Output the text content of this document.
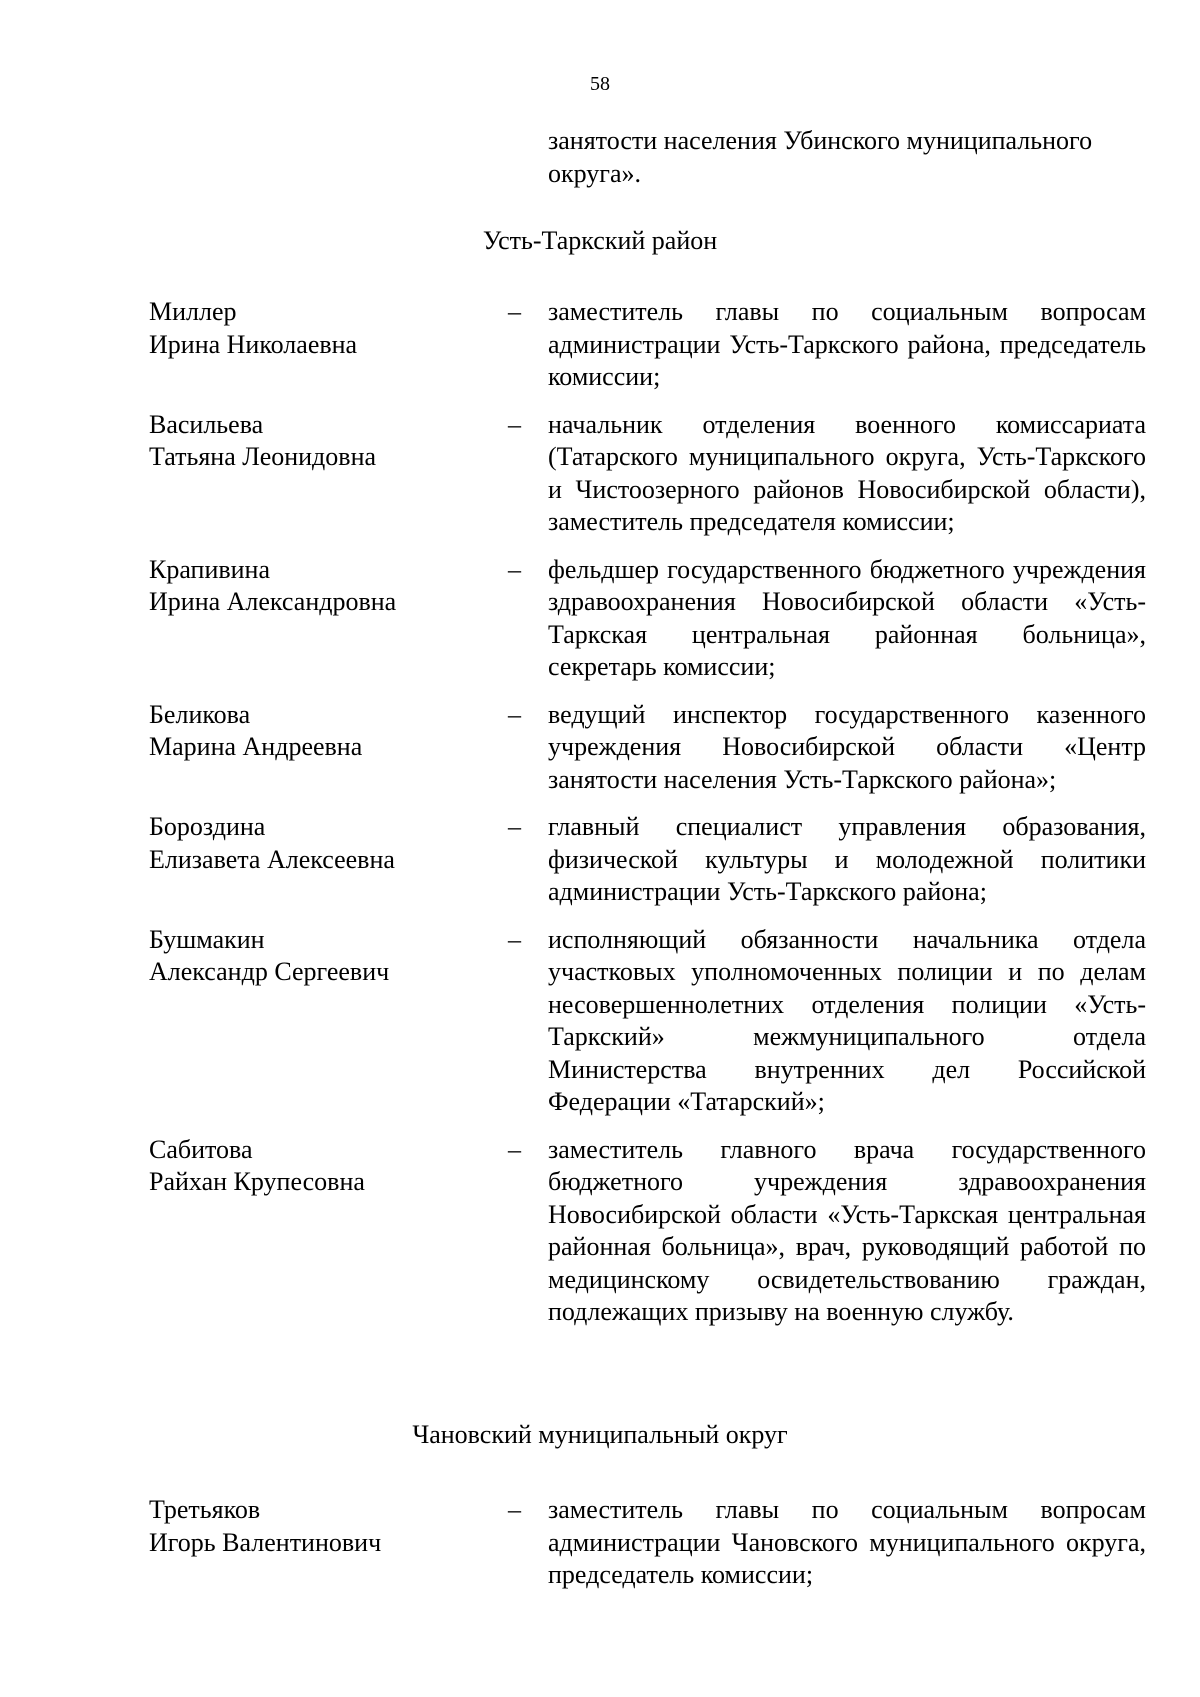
58
занятости населения Убинского муниципального округа».
Усть-Таркский район
Миллер
Ирина Николаевна
– заместитель главы по социальным вопросам администрации Усть-Таркского района, председатель комиссии;
Васильева
Татьяна Леонидовна
– начальник отделения военного комиссариата (Татарского муниципального округа, Усть-Таркского и Чистоозерного районов Новосибирской области), заместитель председателя комиссии;
Крапивина
Ирина Александровна
– фельдшер государственного бюджетного учреждения здравоохранения Новосибирской области «Усть-Таркская центральная районная больница», секретарь комиссии;
Беликова
Марина Андреевна
– ведущий инспектор государственного казенного учреждения Новосибирской области «Центр занятости населения Усть-Таркского района»;
Бороздина
Елизавета Алексеевна
– главный специалист управления образования, физической культуры и молодежной политики администрации Усть-Таркского района;
Бушмакин
Александр Сергеевич
– исполняющий обязанности начальника отдела участковых уполномоченных полиции и по делам несовершеннолетних отделения полиции «Усть-Таркский» межмуниципального отдела Министерства внутренних дел Российской Федерации «Татарский»;
Сабитова
Райхан Крупесовна
– заместитель главного врача государственного бюджетного учреждения здравоохранения Новосибирской области «Усть-Таркская центральная районная больница», врач, руководящий работой по медицинскому освидетельствованию граждан, подлежащих призыву на военную службу.
Чановский муниципальный округ
Третьяков
Игорь Валентинович
– заместитель главы по социальным вопросам администрации Чановского муниципального округа, председатель комиссии;
